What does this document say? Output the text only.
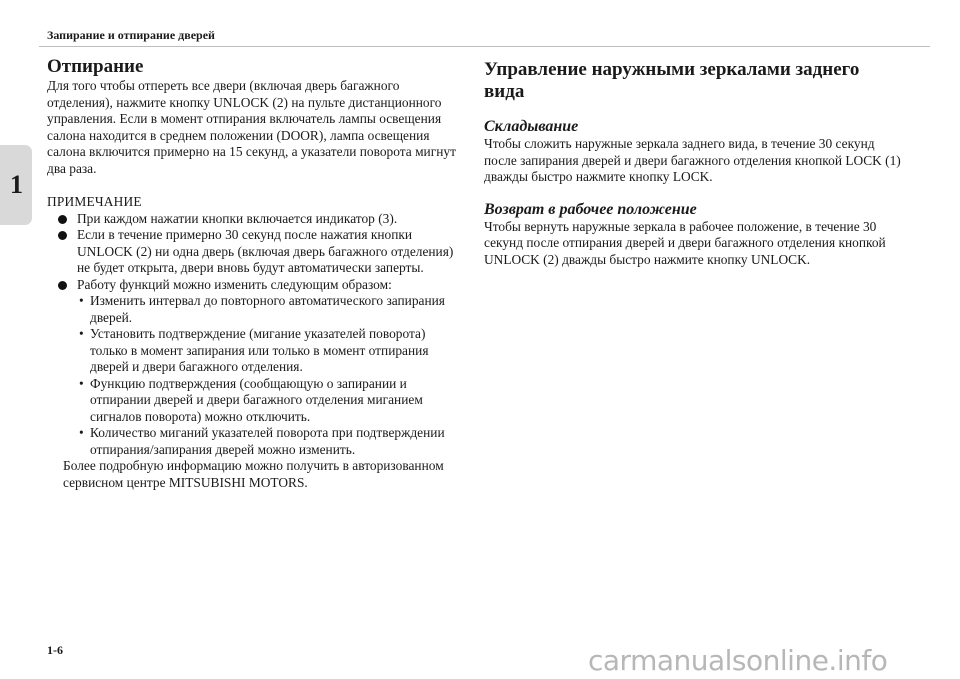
Запирание и отпирание дверей
1
Отпирание

Для того чтобы отпереть все двери (включая дверь багажного отделения), нажмите кнопку UNLOCK (2) на пульте дистанционного управления. Если в момент отпирания включатель лампы освещения салона находится в среднем положении (DOOR), лампа освещения салона включится примерно на 15 секунд, а указатели поворота мигнут два раза.

ПРИМЕЧАНИЕ

При каждом нажатии кнопки включается индикатор (3).
Если в течение примерно 30 секунд после нажатия кнопки UNLOCK (2) ни одна дверь (включая дверь багажного отделения) не будет открыта, двери вновь будут автоматически заперты.
Работу функций можно изменить следующим образом:
• Изменить интервал до повторного автоматического запирания дверей.
• Установить подтверждение (мигание указателей поворота) только в момент запирания или только в момент отпирания дверей и двери багажного отделения.
• Функцию подтверждения (сообщающую о запирании и отпирании дверей и двери багажного отделения миганием сигналов поворота) можно отключить.
• Количество миганий указателей поворота при подтверждении отпирания/запирания дверей можно изменить.

Более подробную информацию можно получить в авторизованном сервисном центре MITSUBISHI MOTORS.

Управление наружными зеркалами заднего вида
Складывание

Чтобы сложить наружные зеркала заднего вида, в течение 30 секунд после запирания дверей и двери багажного отделения кнопкой LOCK (1) дважды быстро нажмите кнопку LOCK.

Возврат в рабочее положение

Чтобы вернуть наружные зеркала в рабочее положение, в течение 30 секунд после отпирания дверей и двери багажного отделения кнопкой UNLOCK (2) дважды быстро нажмите кнопку UNLOCK.

1-6	carmanualsonline.info
